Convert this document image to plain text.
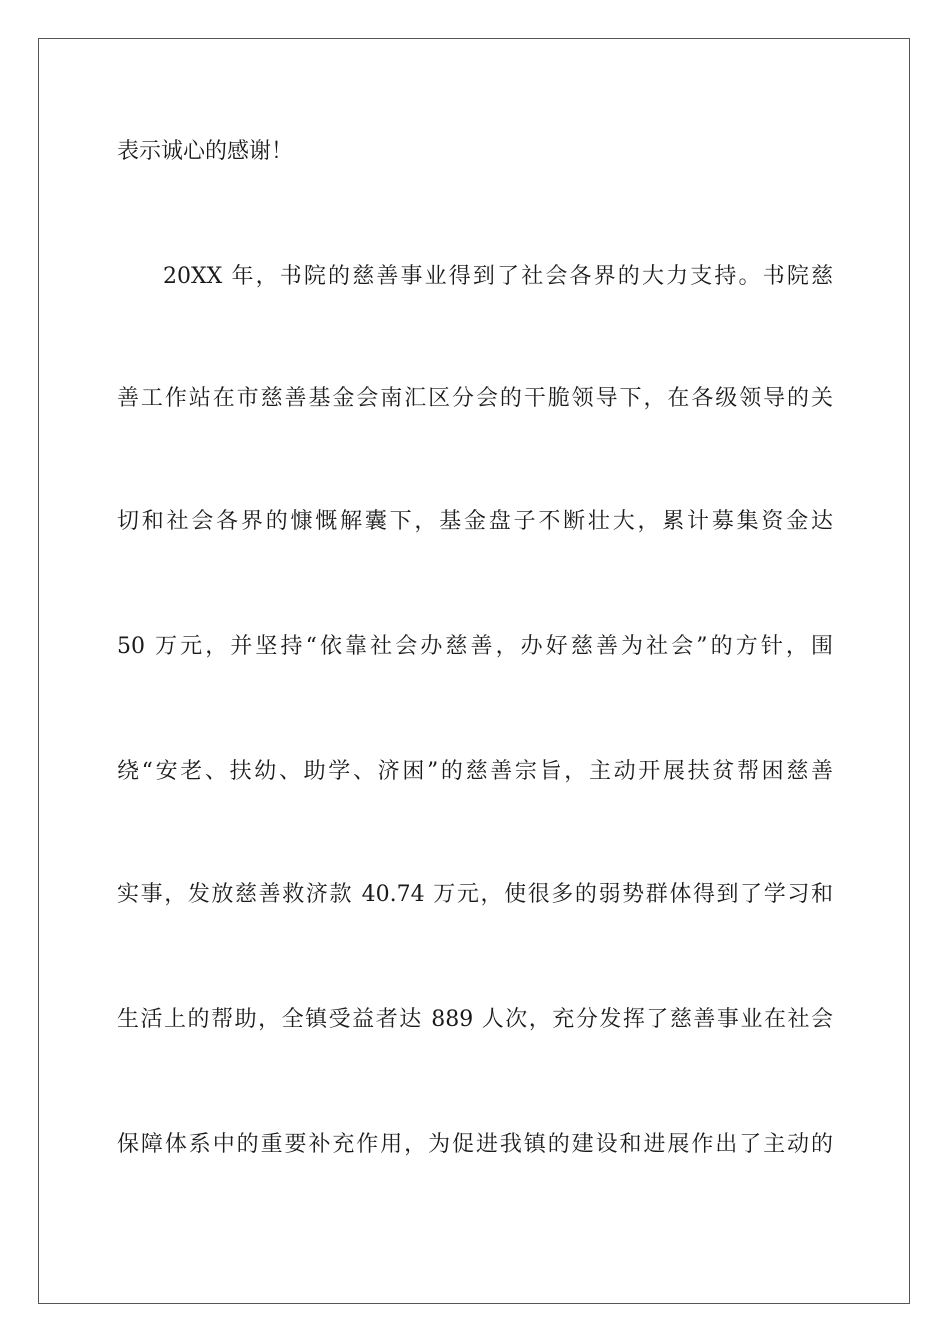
表示诚心的感谢！
20XX 年，书院的慈善事业得到了社会各界的大力支持。书院慈
善工作站在市慈善基金会南汇区分会的干脆领导下，在各级领导的关
切和社会各界的慷慨解囊下，基金盘子不断壮大，累计募集资金达
50 万元，并坚持“依靠社会办慈善，办好慈善为社会”的方针，围
绕“安老、扶幼、助学、济困”的慈善宗旨，主动开展扶贫帮困慈善
实事，发放慈善救济款 40.74 万元，使很多的弱势群体得到了学习和
生活上的帮助，全镇受益者达 889 人次，充分发挥了慈善事业在社会
保障体系中的重要补充作用，为促进我镇的建设和进展作出了主动的
